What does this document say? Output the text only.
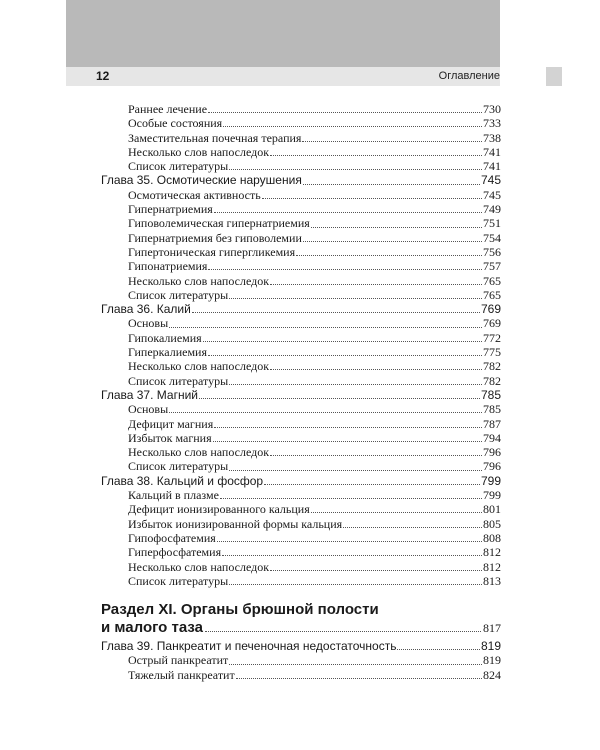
12	Оглавление
Раннее лечение	730
Особые состояния	733
Заместительная почечная терапия	738
Несколько слов напоследок	741
Список литературы	741
Глава 35. Осмотические нарушения	745
Осмотическая активность	745
Гипернатриемия	749
Гиповолемическая гипернатриемия	751
Гипернатриемия без гиповолемии	754
Гипертоническая гипергликемия	756
Гипонатриемия	757
Несколько слов напоследок	765
Список литературы	765
Глава 36. Калий	769
Основы	769
Гипокалиемия	772
Гиперкалиемия	775
Несколько слов напоследок	782
Список литературы	782
Глава 37. Магний	785
Основы	785
Дефицит магния	787
Избыток магния	794
Несколько слов напоследок	796
Список литературы	796
Глава 38. Кальций и фосфор	799
Кальций в плазме	799
Дефицит ионизированного кальция	801
Избыток ионизированной формы кальция	805
Гипофосфатемия	808
Гиперфосфатемия	812
Несколько слов напоследок	812
Список литературы	813
Раздел XI. Органы брюшной полости
и малого таза	817
Глава 39. Панкреатит и печеночная недостаточность	819
Острый панкреатит	819
Тяжелый панкреатит	824
